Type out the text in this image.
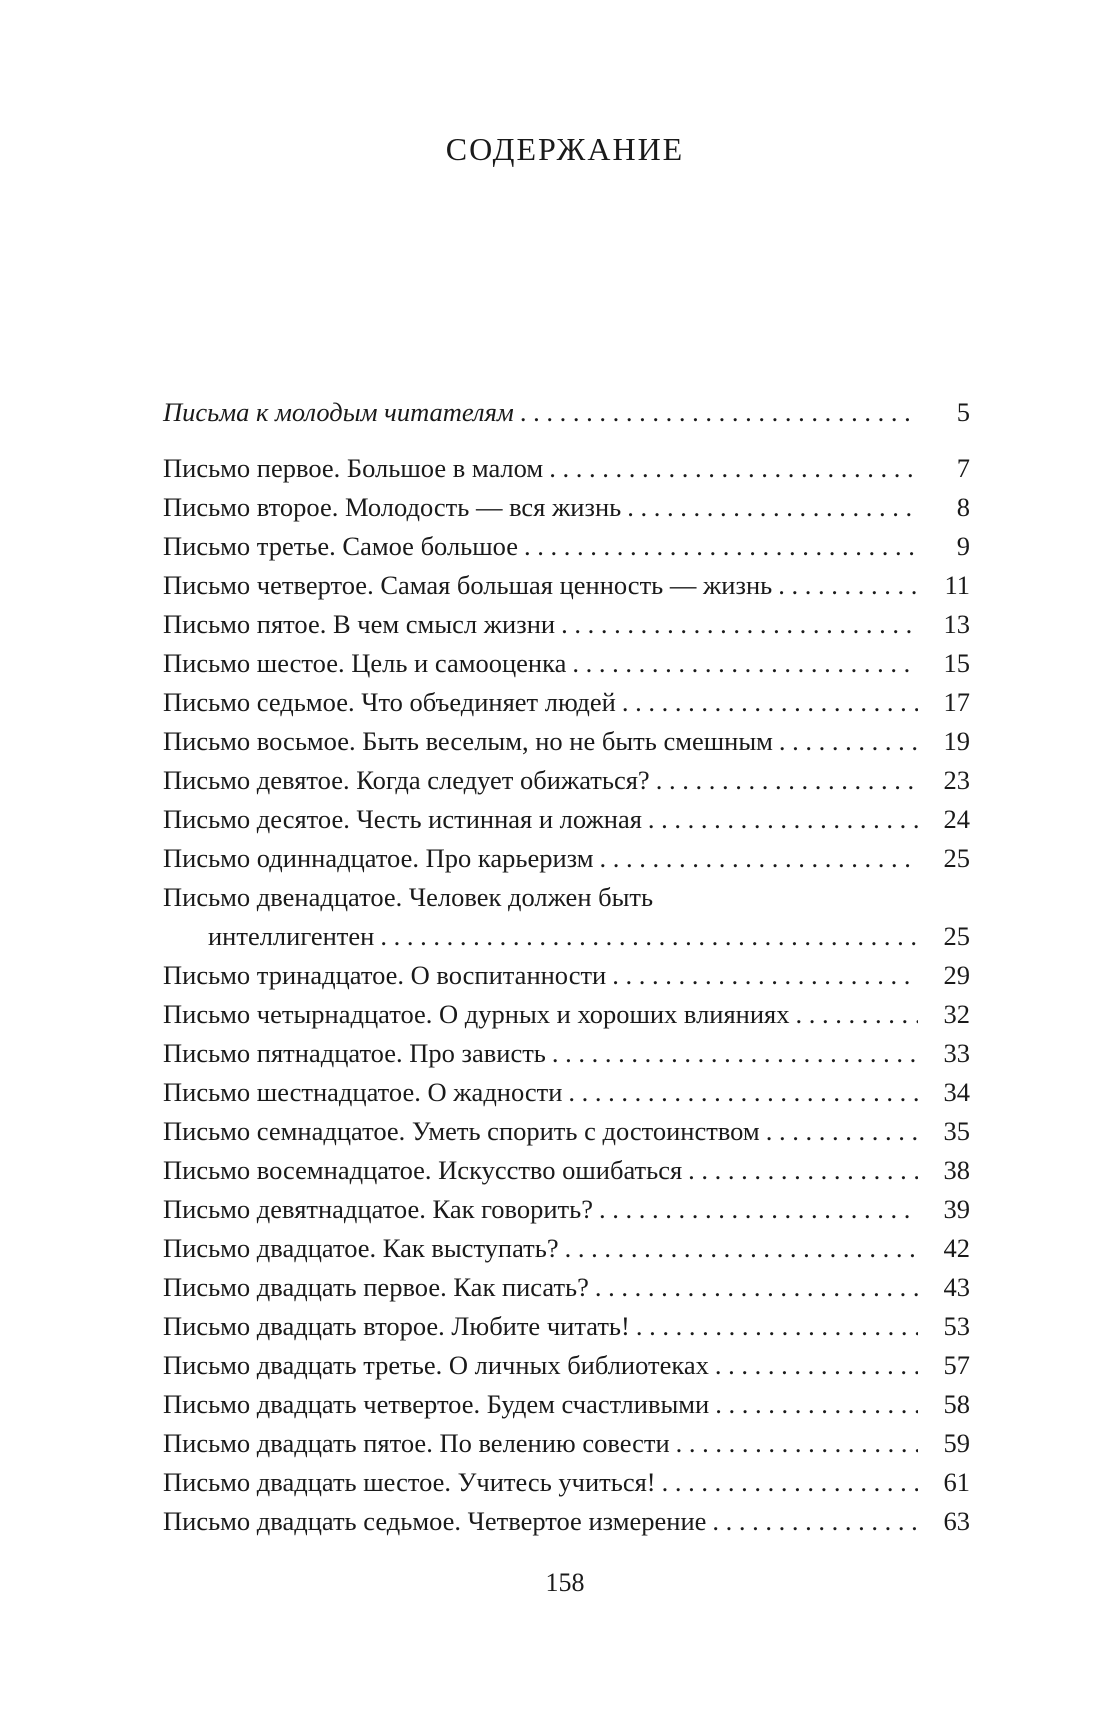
СОДЕРЖАНИЕ
Письма к молодым читателям . . .	5
Письмо первое. Большое в малом . . .	7
Письмо второе. Молодость — вся жизнь . . .	8
Письмо третье. Самое большое . . .	9
Письмо четвертое. Самая большая ценность — жизнь . . .	11
Письмо пятое. В чем смысл жизни . . .	13
Письмо шестое. Цель и самооценка . . .	15
Письмо седьмое. Что объединяет людей . . .	17
Письмо восьмое. Быть веселым, но не быть смешным . . .	19
Письмо девятое. Когда следует обижаться? . . .	23
Письмо десятое. Честь истинная и ложная . . .	24
Письмо одиннадцатое. Про карьеризм . . .	25
Письмо двенадцатое. Человек должен быть
интеллигентен . . .	25
Письмо тринадцатое. О воспитанности . . .	29
Письмо четырнадцатое. О дурных и хороших влияниях . . .	32
Письмо пятнадцатое. Про зависть . . .	33
Письмо шестнадцатое. О жадности . . .	34
Письмо семнадцатое. Уметь спорить с достоинством . . .	35
Письмо восемнадцатое. Искусство ошибаться . . .	38
Письмо девятнадцатое. Как говорить? . . .	39
Письмо двадцатое. Как выступать? . . .	42
Письмо двадцать первое. Как писать? . . .	43
Письмо двадцать второе. Любите читать! . . .	53
Письмо двадцать третье. О личных библиотеках . . .	57
Письмо двадцать четвертое. Будем счастливыми . . .	58
Письмо двадцать пятое. По велению совести . . .	59
Письмо двадцать шестое. Учитесь учиться! . . .	61
Письмо двадцать седьмое. Четвертое измерение . . .	63
158
